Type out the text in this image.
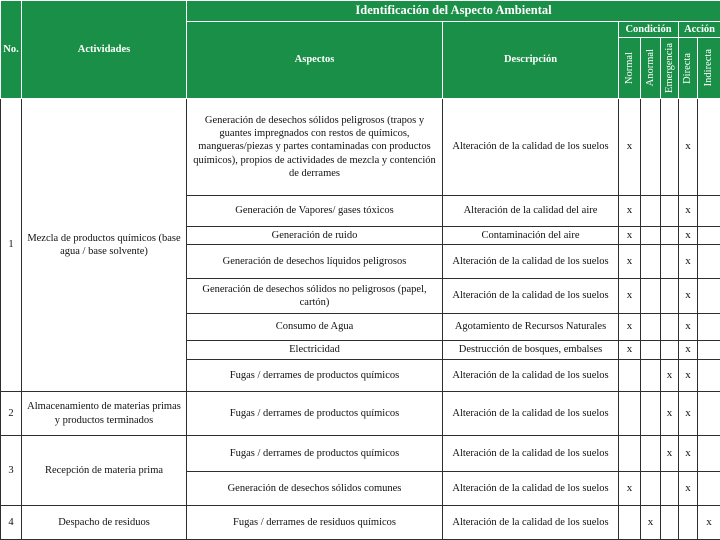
No.	Actividades	Identificación del Aspecto Ambiental						
		Aspectos	Descripción	Condición			Acción	

				Normal	Anormal	Emergencia	Directa	Indirecta

1	Mezcla de productos químicos (base agua / base solvente)	Generación de desechos sólidos peligrosos (trapos y guantes impregnados con restos de químicos, mangueras/piezas y partes contaminadas con productos químicos), propios de actividades de mezcla y contención de derrames	Alteración de la calidad de los suelos	x			x	
		Generación de Vapores/ gases tóxicos	Alteración de la calidad del aire	x			x	
		Generación de ruido	Contaminación del aire	x			x	
		Generación de desechos líquidos peligrosos	Alteración de la calidad de los suelos	x			x	
		Generación de desechos sólidos no peligrosos (papel, cartón)	Alteración de la calidad de los suelos	x			x	
		Consumo de Agua	Agotamiento de Recursos Naturales	x			x	
		Electricidad	Destrucción de bosques, embalses	x			x	
		Fugas / derrames de productos químicos	Alteración de la calidad de los suelos			x	x	
2	Almacenamiento de materias primas y productos terminados	Fugas / derrames de productos químicos	Alteración de la calidad de los suelos			x	x	
3	Recepción de materia prima	Fugas / derrames de productos químicos	Alteración de la calidad de los suelos			x	x	
		Generación de desechos sólidos comunes	Alteración de la calidad de los suelos	x			x	
4	Despacho de residuos	Fugas / derrames de residuos químicos	Alteración de la calidad de los suelos		x			x
